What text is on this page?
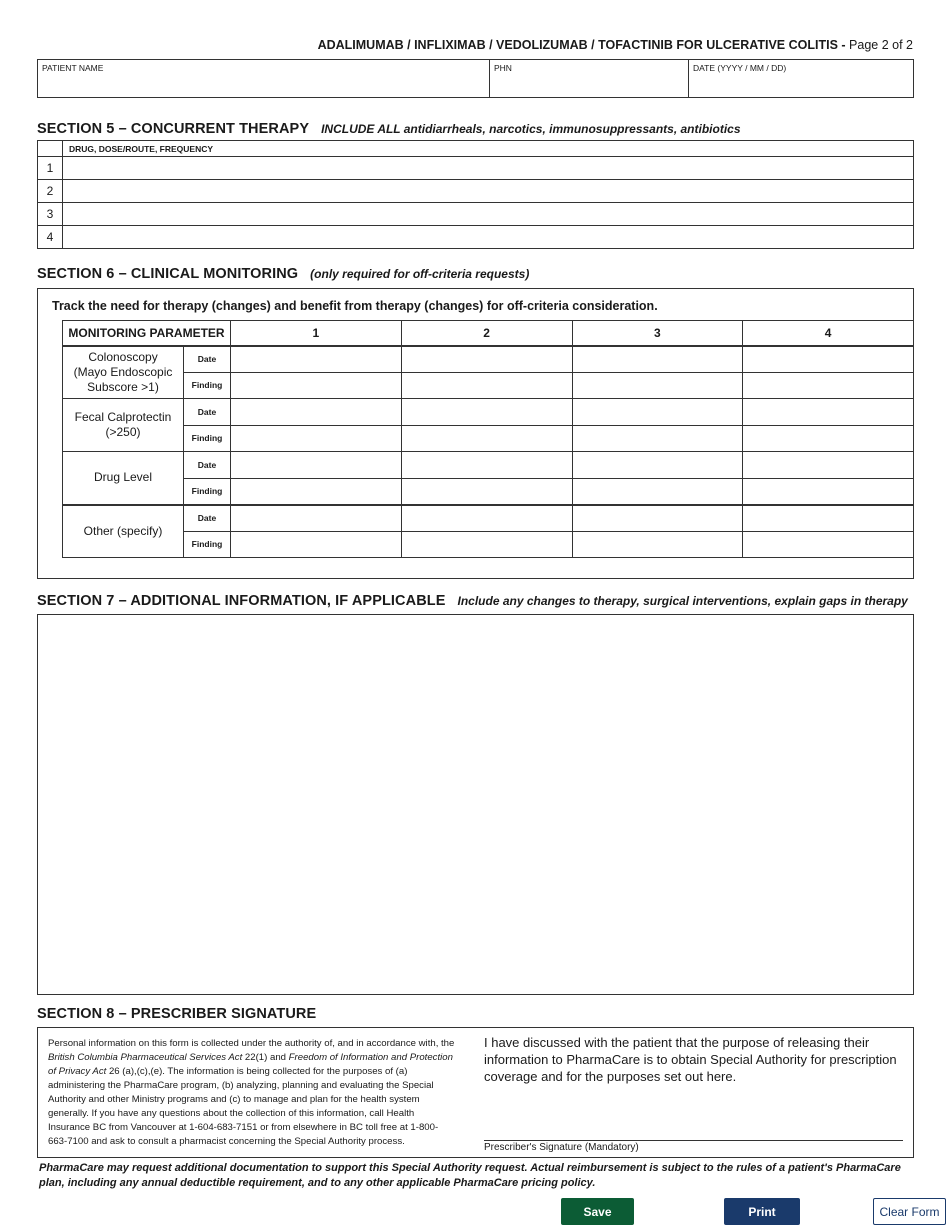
ADALIMUMAB / INFLIXIMAB / VEDOLIZUMAB / TOFACTINIB FOR ULCERATIVE COLITIS - Page 2 of 2
PATIENT NAME	PHN	DATE (YYYY / MM / DD)
SECTION 5 – CONCURRENT THERAPY INCLUDE ALL antidiarrheals, narcotics, immunosuppressants, antibiotics
	DRUG, DOSE/ROUTE, FREQUENCY
1	
2	
3	
4	
SECTION 6 – CLINICAL MONITORING (only required for off-criteria requests)
Track the need for therapy (changes) and benefit from therapy (changes) for off-criteria consideration.
MONITORING PARAMETER		1	2	3	4

Colonoscopy
(Mayo Endoscopic
Subscore >1)	Date				
	Finding				

Fecal Calprotectin
(>250)	Date				
	Finding				

Drug Level	Date				
	Finding				

Other (specify)	Date				
	Finding				
SECTION 7 – ADDITIONAL INFORMATION, IF APPLICABLE Include any changes to therapy, surgical interventions, explain gaps in therapy
SECTION 8 – PRESCRIBER SIGNATURE
Personal information on this form is collected under the authority of, and in accordance with, the British Columbia Pharmaceutical Services Act 22(1) and Freedom of Information and Protection of Privacy Act 26 (a),(c),(e). The information is being collected for the purposes of (a) administering the PharmaCare program, (b) analyzing, planning and evaluating the Special Authority and other Ministry programs and (c) to manage and plan for the health system generally. If you have any questions about the collection of this information, call Health Insurance BC from Vancouver at 1-604-683-7151 or from elsewhere in BC toll free at 1-800-663-7100 and ask to consult a pharmacist concerning the Special Authority process.
I have discussed with the patient that the purpose of releasing their information to PharmaCare is to obtain Special Authority for prescription coverage and for the purposes set out here.
Prescriber's Signature (Mandatory)
PharmaCare may request additional documentation to support this Special Authority request. Actual reimbursement is subject to the rules of a patient's PharmaCare plan, including any annual deductible requirement, and to any other applicable PharmaCare pricing policy.
Save	Print	Clear Form
